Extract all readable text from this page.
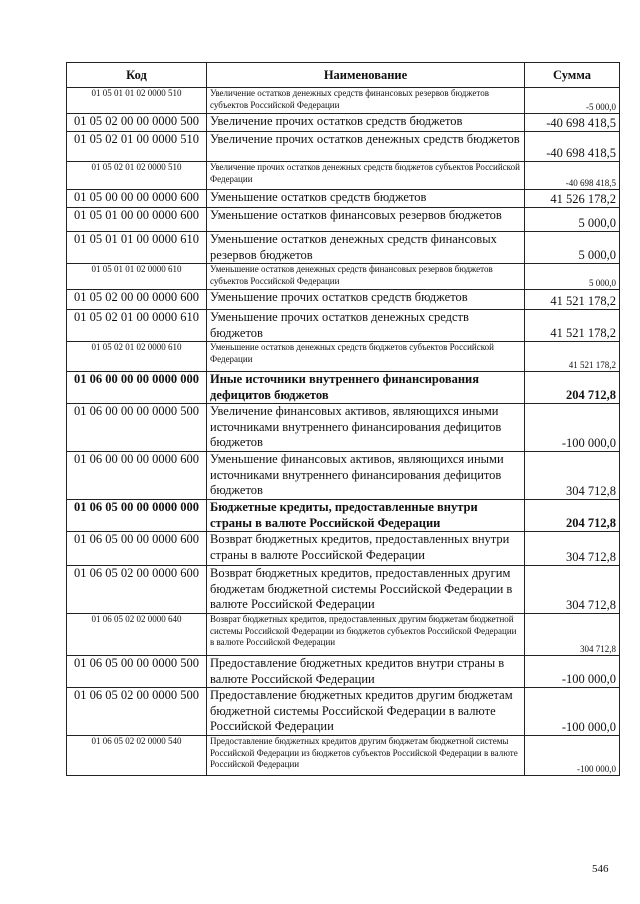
Код	Наименование	Сумма
01 05 01 01 02 0000 510	Увеличение остатков денежных средств финансовых резервов бюджетов субъектов Российской Федерации	-5 000,0
01 05 02 00 00 0000 500	Увеличение прочих остатков средств бюджетов	-40 698 418,5
01 05 02 01 00 0000 510	Увеличение прочих остатков денежных средств бюджетов	-40 698 418,5
01 05 02 01 02 0000 510	Увеличение прочих остатков денежных средств бюджетов субъектов Российской Федерации	-40 698 418,5
01 05 00 00 00 0000 600	Уменьшение остатков средств бюджетов	41 526 178,2
01 05 01 00 00 0000 600	Уменьшение остатков финансовых резервов бюджетов	5 000,0
01 05 01 01 00 0000 610	Уменьшение остатков денежных средств финансовых резервов бюджетов	5 000,0
01 05 01 01 02 0000 610	Уменьшение остатков денежных средств финансовых резервов бюджетов субъектов Российской Федерации	5 000,0
01 05 02 00 00 0000 600	Уменьшение прочих остатков средств бюджетов	41 521 178,2
01 05 02 01 00 0000 610	Уменьшение прочих остатков денежных средств бюджетов	41 521 178,2
01 05 02 01 02 0000 610	Уменьшение остатков денежных средств бюджетов субъектов Российской Федерации	41 521 178,2
01 06 00 00 00 0000 000	Иные источники внутреннего финансирования дефицитов бюджетов	204 712,8
01 06 00 00 00 0000 500	Увеличение финансовых активов, являющихся иными источниками внутреннего финансирования дефицитов бюджетов	-100 000,0
01 06 00 00 00 0000 600	Уменьшение финансовых активов, являющихся иными источниками внутреннего финансирования дефицитов бюджетов	304 712,8
01 06 05 00 00 0000 000	Бюджетные кредиты, предоставленные внутри страны в валюте Российской Федерации	204 712,8
01 06 05 00 00 0000 600	Возврат бюджетных кредитов, предоставленных внутри страны в валюте Российской Федерации	304 712,8
01 06 05 02 00 0000 600	Возврат бюджетных кредитов, предоставленных другим бюджетам бюджетной системы Российской Федерации в валюте Российской Федерации	304 712,8
01 06 05 02 02 0000 640	Возврат бюджетных кредитов, предоставленных другим бюджетам бюджетной системы Российской Федерации из бюджетов субъектов Российской Федерации в валюте Российской Федерации	304 712,8
01 06 05 00 00 0000 500	Предоставление бюджетных кредитов внутри страны в валюте Российской Федерации	-100 000,0
01 06 05 02 00 0000 500	Предоставление бюджетных кредитов другим бюджетам бюджетной системы Российской Федерации в валюте Российской Федерации	-100 000,0
01 06 05 02 02 0000 540	Предоставление бюджетных кредитов другим бюджетам бюджетной системы Российской Федерации из бюджетов субъектов Российской Федерации в валюте Российской Федерации	-100 000,0
546
